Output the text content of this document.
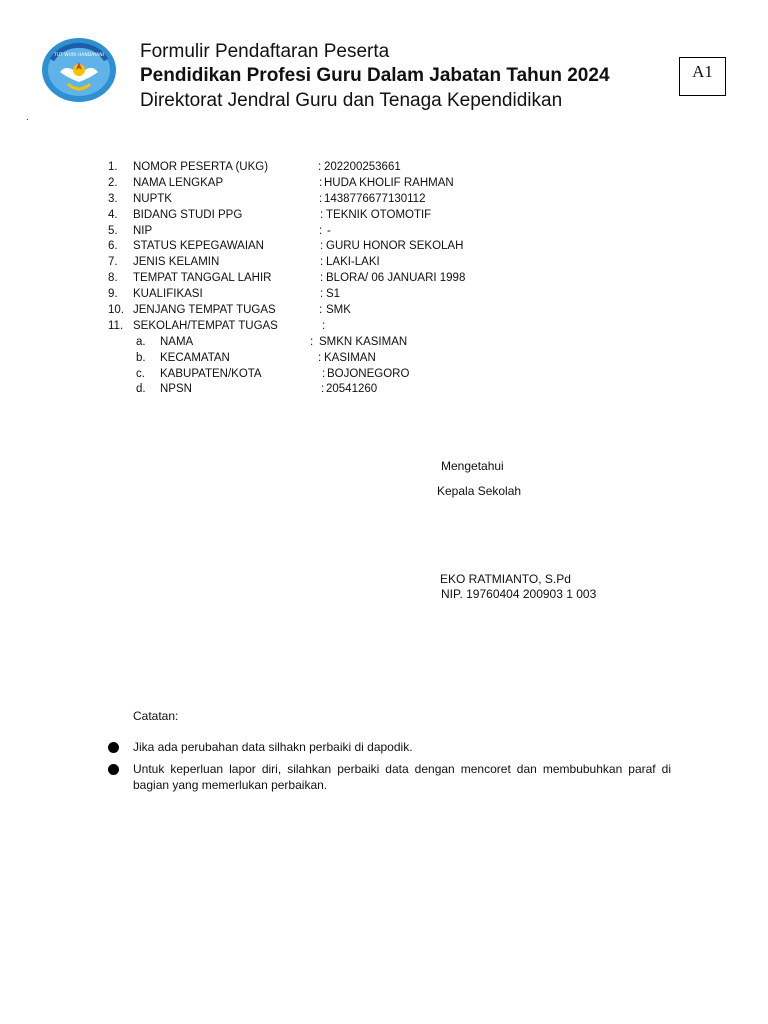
TUT WURI HANDAYANI Formulir Pendaftaran Peserta

Pendidikan Profesi Guru Dalam Jabatan Tahun 2024

Direktorat Jendral Guru dan Tenaga Kependidikan

A1
.
1. NOMOR PESERTA (UKG)	: 202200253661
2. NAMA LENGKAP	: HUDA KHOLIF RAHMAN
3. NUPTK	: 1438776677130112
4. BIDANG STUDI PPG	: TEKNIK OTOMOTIF
5. NIP	: -
6. STATUS KEPEGAWAIAN	: GURU HONOR SEKOLAH
7. JENIS KELAMIN	: LAKI-LAKI
8. TEMPAT TANGGAL LAHIR	: BLORA/ 06 JANUARI 1998
9. KUALIFIKASI	: S1
10. JENJANG TEMPAT TUGAS	: SMK
11. SEKOLAH/TEMPAT TUGAS	:
a. NAMA	: SMKN KASIMAN
b. KECAMATAN	: KASIMAN
c. KABUPATEN/KOTA	: BOJONEGORO
d. NPSN	: 20541260
Mengetahui
Kepala Sekolah
EKO RATMIANTO, S.Pd
NIP. 19760404 200903 1 003
Catatan:
Jika ada perubahan data silhakn perbaiki di dapodik.
Untuk keperluan lapor diri, silahkan perbaiki data dengan mencoret dan membubuhkan paraf di bagian yang memerlukan perbaikan.
